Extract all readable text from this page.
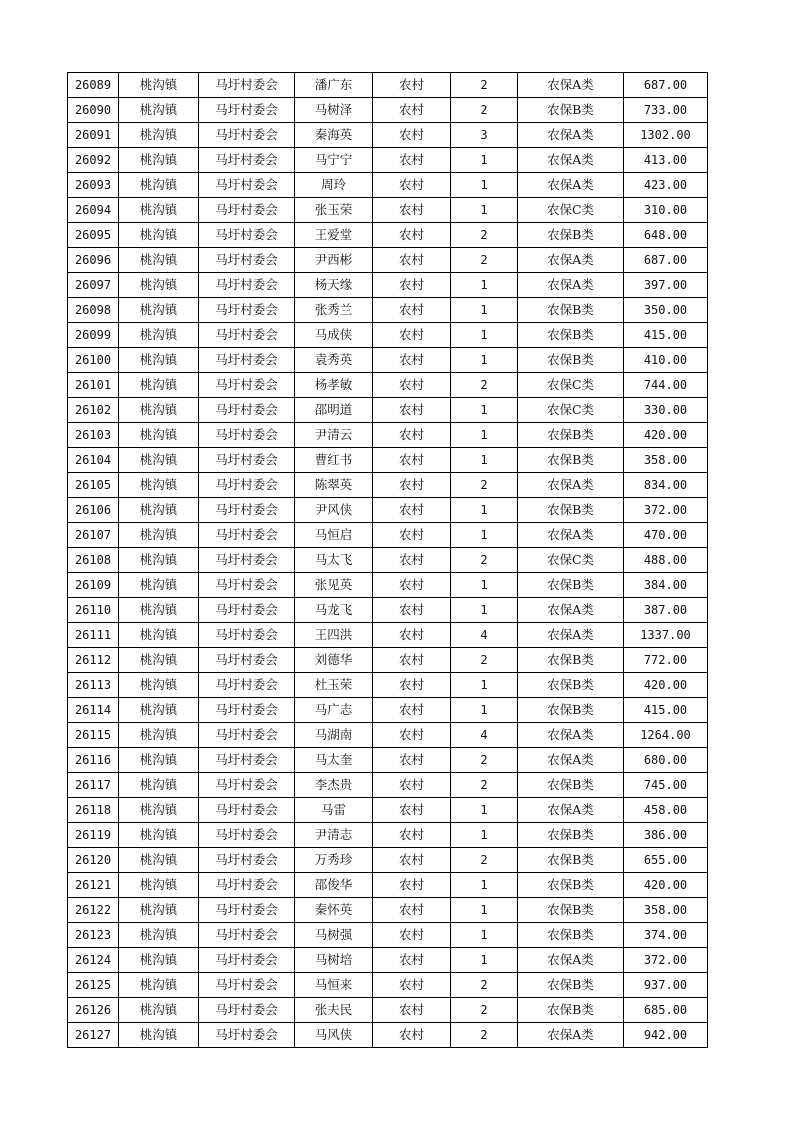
26089	桃沟镇	马圩村委会	潘广东	农村	2	农保A类	687.00
26090	桃沟镇	马圩村委会	马树泽	农村	2	农保B类	733.00
26091	桃沟镇	马圩村委会	秦海英	农村	3	农保A类	1302.00
26092	桃沟镇	马圩村委会	马宁宁	农村	1	农保A类	413.00
26093	桃沟镇	马圩村委会	周玲	农村	1	农保A类	423.00
26094	桃沟镇	马圩村委会	张玉荣	农村	1	农保C类	310.00
26095	桃沟镇	马圩村委会	王爱堂	农村	2	农保B类	648.00
26096	桃沟镇	马圩村委会	尹西彬	农村	2	农保A类	687.00
26097	桃沟镇	马圩村委会	杨天缘	农村	1	农保A类	397.00
26098	桃沟镇	马圩村委会	张秀兰	农村	1	农保B类	350.00
26099	桃沟镇	马圩村委会	马成侠	农村	1	农保B类	415.00
26100	桃沟镇	马圩村委会	袁秀英	农村	1	农保B类	410.00
26101	桃沟镇	马圩村委会	杨孝敏	农村	2	农保C类	744.00
26102	桃沟镇	马圩村委会	邵明道	农村	1	农保C类	330.00
26103	桃沟镇	马圩村委会	尹清云	农村	1	农保B类	420.00
26104	桃沟镇	马圩村委会	曹红书	农村	1	农保B类	358.00
26105	桃沟镇	马圩村委会	陈翠英	农村	2	农保A类	834.00
26106	桃沟镇	马圩村委会	尹风侠	农村	1	农保B类	372.00
26107	桃沟镇	马圩村委会	马恒启	农村	1	农保A类	470.00
26108	桃沟镇	马圩村委会	马太飞	农村	2	农保C类	488.00
26109	桃沟镇	马圩村委会	张见英	农村	1	农保B类	384.00
26110	桃沟镇	马圩村委会	马龙飞	农村	1	农保A类	387.00
26111	桃沟镇	马圩村委会	王四洪	农村	4	农保A类	1337.00
26112	桃沟镇	马圩村委会	刘德华	农村	2	农保B类	772.00
26113	桃沟镇	马圩村委会	杜玉荣	农村	1	农保B类	420.00
26114	桃沟镇	马圩村委会	马广志	农村	1	农保B类	415.00
26115	桃沟镇	马圩村委会	马湖南	农村	4	农保A类	1264.00
26116	桃沟镇	马圩村委会	马太奎	农村	2	农保A类	680.00
26117	桃沟镇	马圩村委会	李杰贵	农村	2	农保B类	745.00
26118	桃沟镇	马圩村委会	马雷	农村	1	农保A类	458.00
26119	桃沟镇	马圩村委会	尹清志	农村	1	农保B类	386.00
26120	桃沟镇	马圩村委会	万秀珍	农村	2	农保B类	655.00
26121	桃沟镇	马圩村委会	邵俊华	农村	1	农保B类	420.00
26122	桃沟镇	马圩村委会	秦怀英	农村	1	农保B类	358.00
26123	桃沟镇	马圩村委会	马树强	农村	1	农保B类	374.00
26124	桃沟镇	马圩村委会	马树培	农村	1	农保A类	372.00
26125	桃沟镇	马圩村委会	马恒来	农村	2	农保B类	937.00
26126	桃沟镇	马圩村委会	张夫民	农村	2	农保B类	685.00
26127	桃沟镇	马圩村委会	马风侠	农村	2	农保A类	942.00
